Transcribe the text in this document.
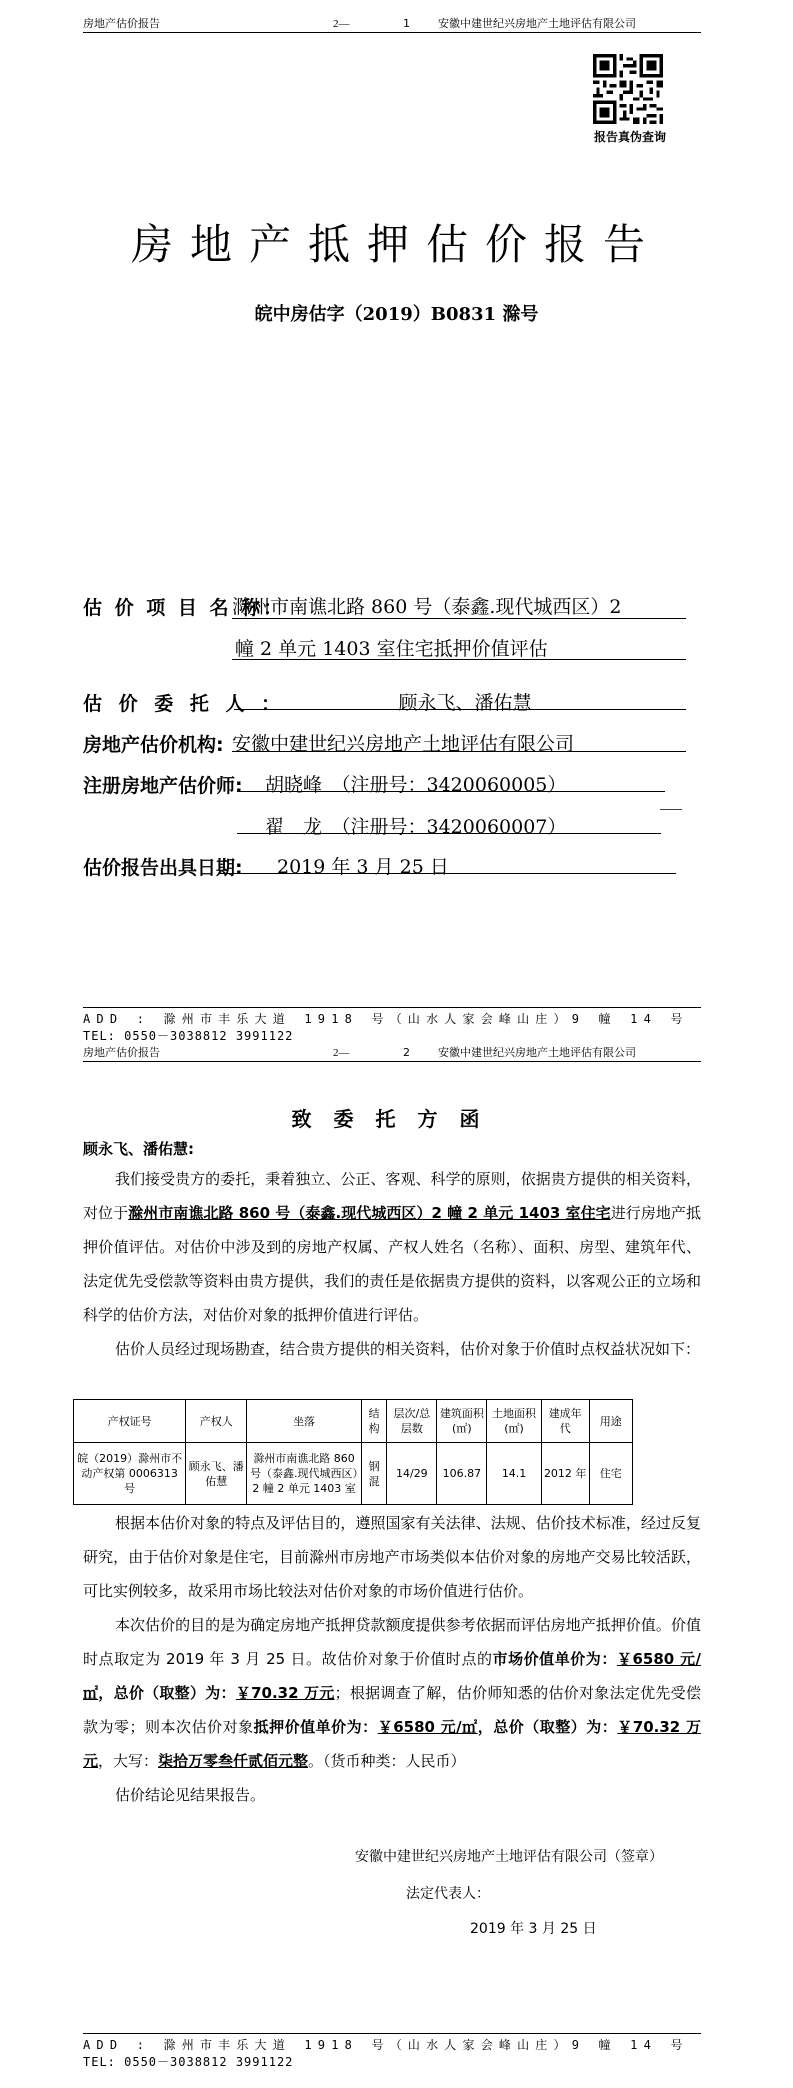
房地产估价报告	2—	1	安徽中建世纪兴房地产土地评估有限公司
报告真伪查询
房地产抵押估价报告
皖中房估字（2019）B0831 滁号
估 价 项 目 名 称：
滁州市南谯北路 860 号（泰鑫.现代城西区）2
幢 2 单元 1403 室住宅抵押价值评估
估 价 委 托 人 ：	顾永飞、潘佑慧
房地产估价机构: 安徽中建世纪兴房地产土地评估有限公司
注册房地产估价师:	胡晓峰　（注册号：3420060005）
翟　龙　（注册号：3420060007）
估价报告出具日期:	2019 年 3 月 25 日
ADD : 滁州市丰乐大道 1918 号（山水人家会峰山庄）9 幢 14 号
TEL: 0550－3038812 3991122
房地产估价报告	2—	2	安徽中建世纪兴房地产土地评估有限公司
致委托方函

顾永飞、潘佑慧:

我们接受贵方的委托，秉着独立、公正、客观、科学的原则，依据贵方提供的相关资料，对位于滁州市南谯北路 860 号（泰鑫.现代城西区）2 幢 2 单元 1403 室住宅进行房地产抵押价值评估。对估价中涉及到的房地产权属、产权人姓名（名称）、面积、房型、建筑年代、法定优先受偿款等资料由贵方提供，我们的责任是依据贵方提供的资料，以客观公正的立场和科学的估价方法，对估价对象的抵押价值进行评估。

估价人员经过现场勘查，结合贵方提供的相关资料，估价对象于价值时点权益状况如下：

产权证号	产权人	坐落	结构	层次/总层数	建筑面积(㎡)	土地面积(㎡)	建成年代	用途
皖（2019）滁州市不动产权第 0006313 号	顾永飞、潘佑慧	滁州市南谯北路 860 号（泰鑫.现代城西区）2 幢 2 单元 1403 室	钢混	14/29	106.87	14.1	2012 年	住宅

根据本估价对象的特点及评估目的，遵照国家有关法律、法规、估价技术标准，经过反复研究，由于估价对象是住宅，目前滁州市房地产市场类似本估价对象的房地产交易比较活跃，可比实例较多，故采用市场比较法对估价对象的市场价值进行估价。

本次估价的目的是为确定房地产抵押贷款额度提供参考依据而评估房地产抵押价值。价值时点取定为 2019 年 3 月 25 日。故估价对象于价值时点的市场价值单价为：￥6580 元/㎡，总价（取整）为：￥70.32 万元；根据调查了解，估价师知悉的估价对象法定优先受偿款为零；则本次估价对象抵押价值单价为：￥6580 元/㎡，总价（取整）为：￥70.32 万元，大写：柒拾万零叁仟贰佰元整。（货币种类：人民币）

估价结论见结果报告。

安徽中建世纪兴房地产土地评估有限公司（签章）
法定代表人：
2019 年 3 月 25 日
ADD : 滁州市丰乐大道 1918 号（山水人家会峰山庄）9 幢 14 号
TEL: 0550－3038812 3991122
